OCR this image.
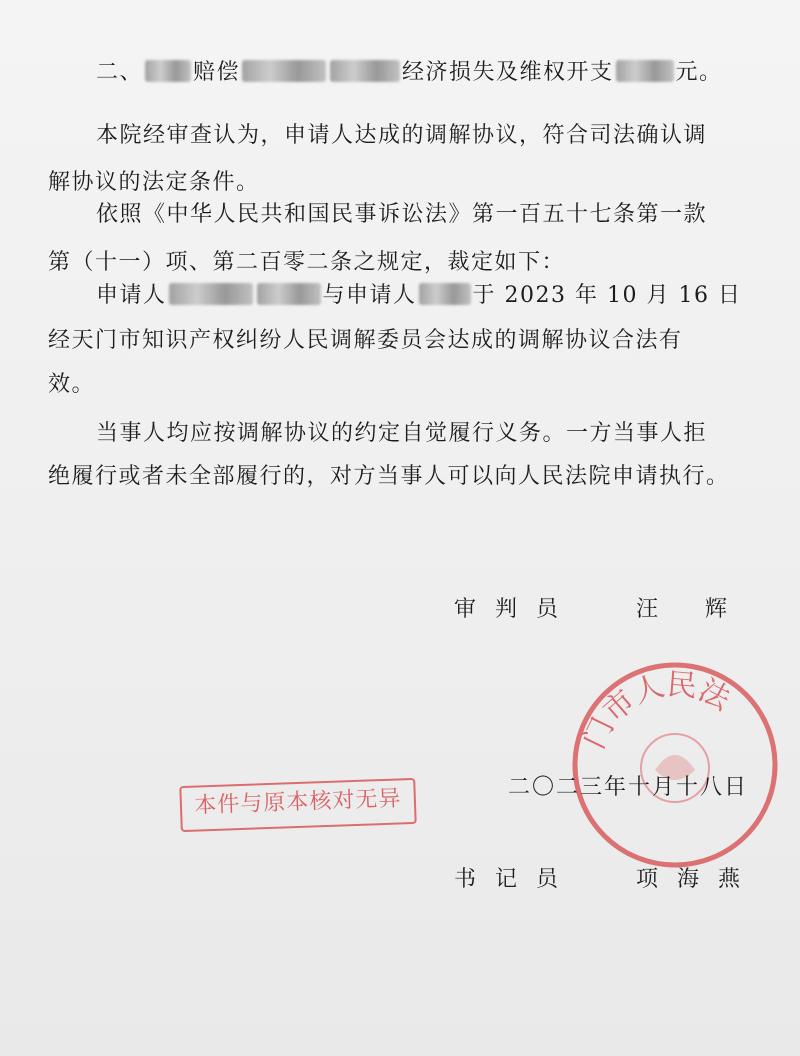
二、 赔偿	经济损失及维权开支	元。
本院经审查认为，申请人达成的调解协议，符合司法确认调
解协议的法定条件。
依照《中华人民共和国民事诉讼法》第一百五十七条第一款
第（十一）项、第二百零二条之规定，裁定如下：
申请人	与申请人	于 2023 年 10 月 16 日
经天门市知识产权纠纷人民调解委员会达成的调解协议合法有
效。
当事人均应按调解协议的约定自觉履行义务。一方当事人拒
绝履行或者未全部履行的，对方当事人可以向人民法院申请执行。
门市人民法
审 判 员	汪　 辉
二〇二三年十月十八日
本件与原本核对无异
书 记 员	项 海 燕
